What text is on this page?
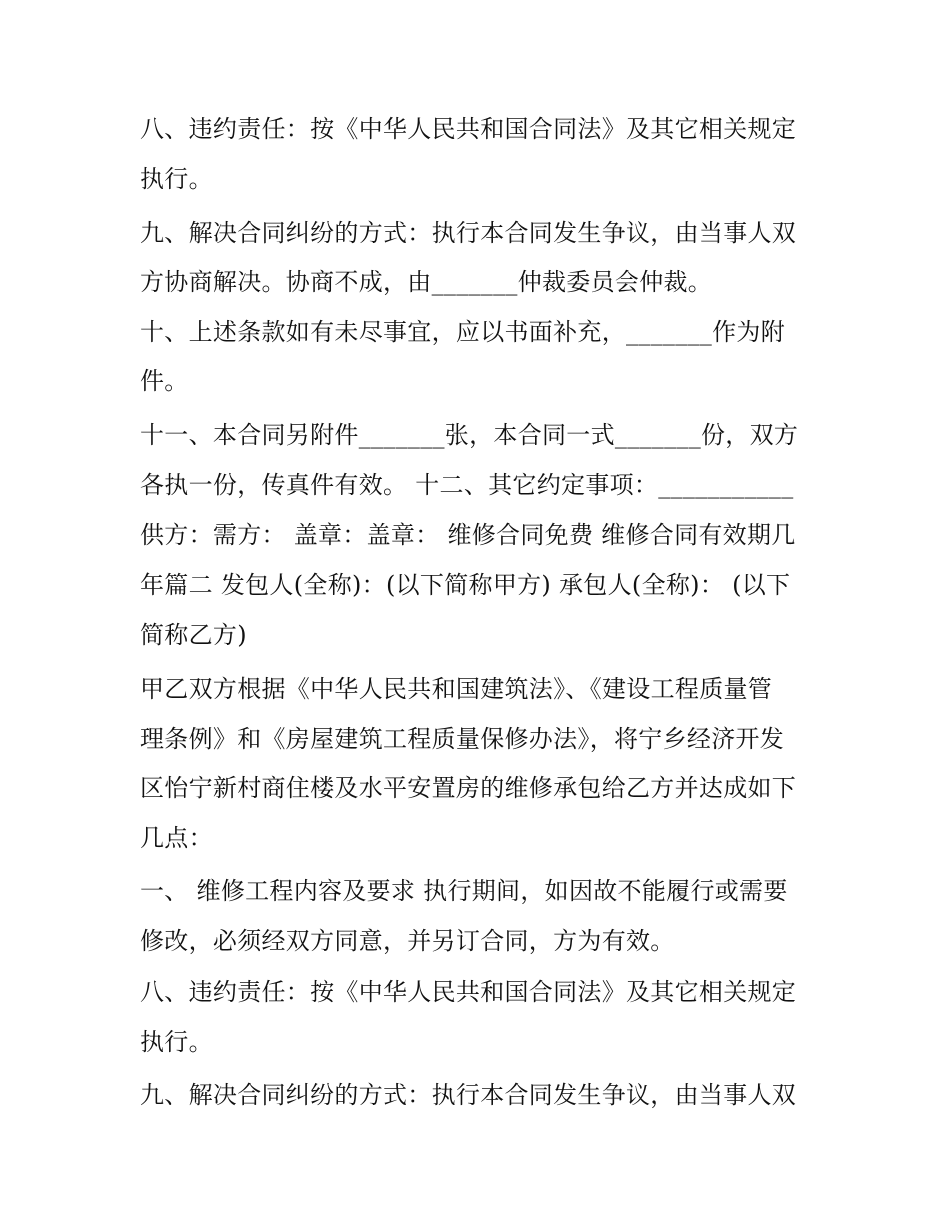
八、违约责任：按《中华人民共和国合同法》及其它相关规定
执行。
九、解决合同纠纷的方式：执行本合同发生争议，由当事人双
方协商解决。协商不成，由_______仲裁委员会仲裁。
十、上述条款如有未尽事宜，应以书面补充，_______作为附
件。
十一、本合同另附件_______张，本合同一式_______份，双方
各执一份，传真件有效。 十二、其它约定事项：___________
供方：需方： 盖章：盖章： 维修合同免费 维修合同有效期几
年篇二 发包人(全称)：(以下简称甲方) 承包人(全称)： (以下
简称乙方)
甲乙双方根据《中华人民共和国建筑法》、《建设工程质量管
理条例》和《房屋建筑工程质量保修办法》，将宁乡经济开发
区怡宁新村商住楼及水平安置房的维修承包给乙方并达成如下
几点：
一、 维修工程内容及要求 执行期间，如因故不能履行或需要
修改，必须经双方同意，并另订合同，方为有效。
八、违约责任：按《中华人民共和国合同法》及其它相关规定
执行。
九、解决合同纠纷的方式：执行本合同发生争议，由当事人双
